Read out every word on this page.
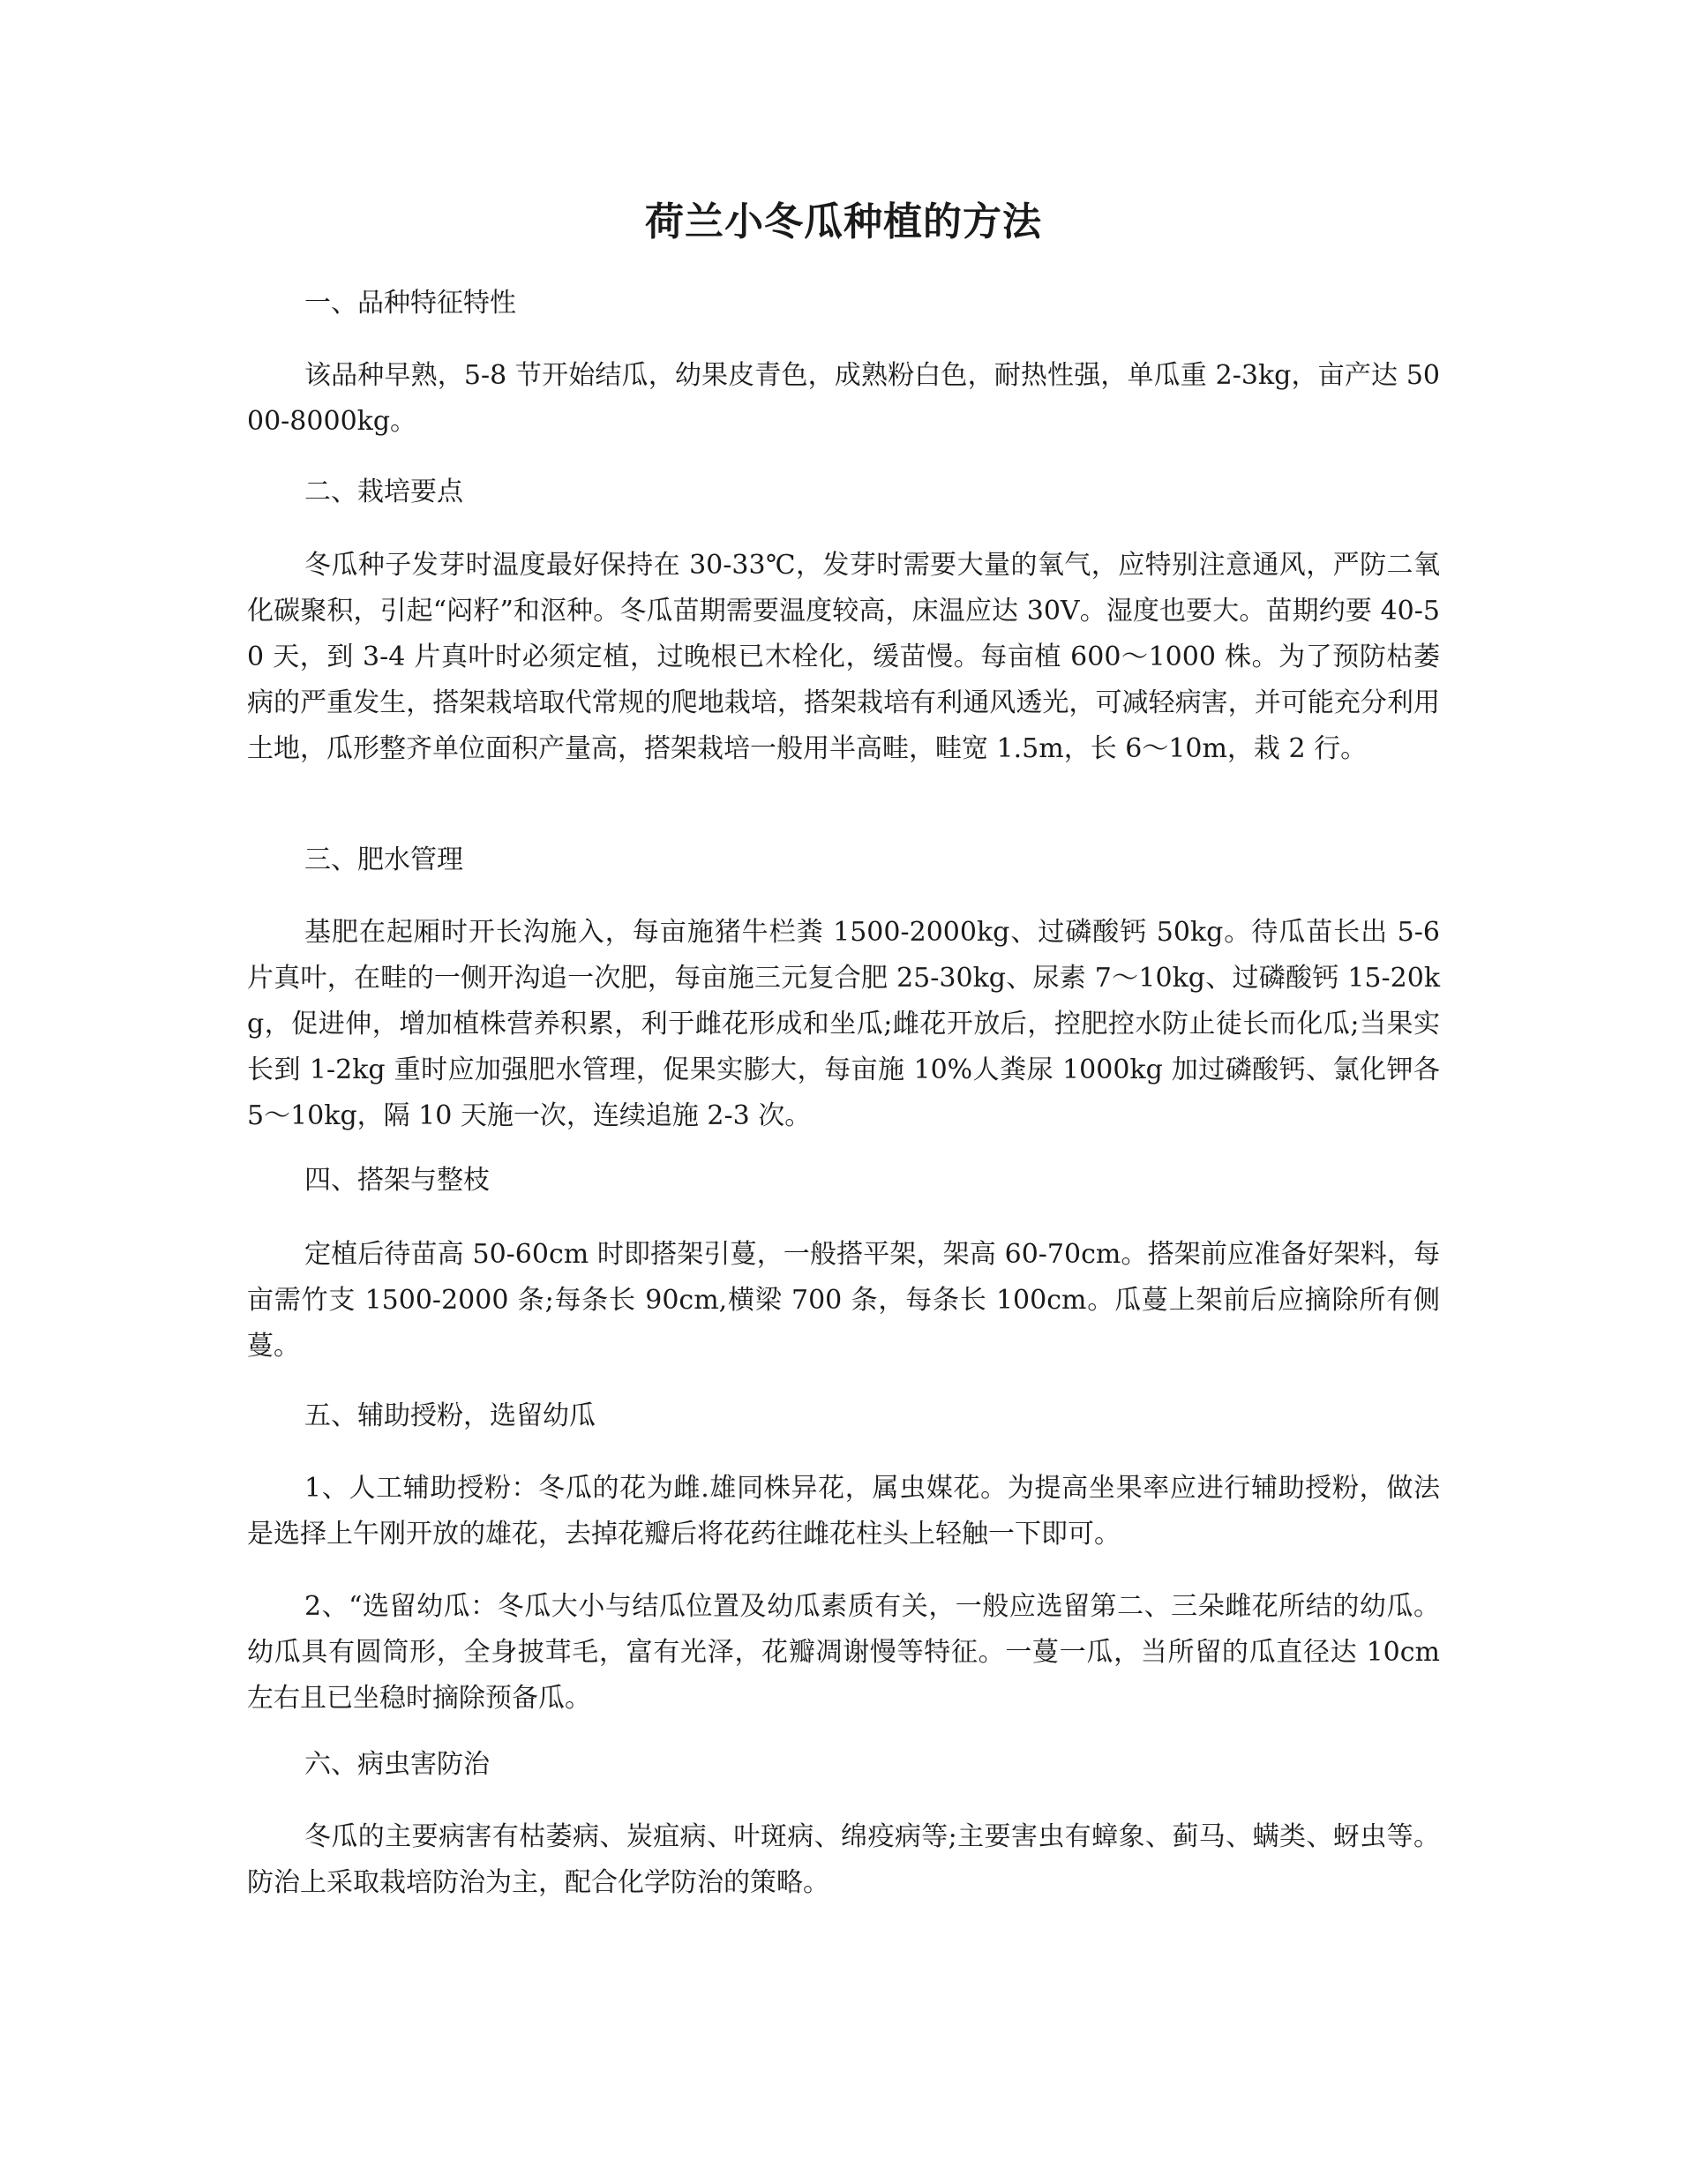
荷兰小冬瓜种植的方法
一、品种特征特性

该品种早熟，5-8 节开始结瓜，幼果皮青色，成熟粉白色，耐热性强，单瓜重 2-3kg，亩产达 5000-8000kg。

二、栽培要点

冬瓜种子发芽时温度最好保持在 30-33℃，发芽时需要大量的氧气，应特别注意通风，严防二氧化碳聚积，引起“闷籽”和沤种。冬瓜苗期需要温度较高，床温应达 30V。湿度也要大。苗期约要 40-50 天，到 3-4 片真叶时必须定植，过晚根已木栓化，缓苗慢。每亩植 600～1000 株。为了预防枯萎病的严重发生，搭架栽培取代常规的爬地栽培，搭架栽培有利通风透光，可减轻病害，并可能充分利用土地，瓜形整齐单位面积产量高，搭架栽培一般用半高畦，畦宽 1.5m，长 6～10m，栽 2 行。

三、肥水管理

基肥在起厢时开长沟施入，每亩施猪牛栏粪 1500-2000kg、过磷酸钙 50kg。待瓜苗长出 5-6 片真叶，在畦的一侧开沟追一次肥，每亩施三元复合肥 25-30kg、尿素 7～10kg、过磷酸钙 15-20kg，促进伸，增加植株营养积累，利于雌花形成和坐瓜;雌花开放后，控肥控水防止徒长而化瓜;当果实长到 1-2kg 重时应加强肥水管理，促果实膨大，每亩施 10%人粪尿 1000kg 加过磷酸钙、氯化钾各 5～10kg，隔 10 天施一次，连续追施 2-3 次。

四、搭架与整枝

定植后待苗高 50-60cm 时即搭架引蔓，一般搭平架，架高 60-70cm。搭架前应准备好架料，每亩需竹支 1500-2000 条;每条长 90cm,横梁 700 条，每条长 100cm。瓜蔓上架前后应摘除所有侧蔓。

五、辅助授粉，选留幼瓜

1、人工辅助授粉：冬瓜的花为雌.雄同株异花，属虫媒花。为提高坐果率应进行辅助授粉，做法是选择上午刚开放的雄花，去掉花瓣后将花药往雌花柱头上轻触一下即可。

2、“选留幼瓜：冬瓜大小与结瓜位置及幼瓜素质有关，一般应选留第二、三朵雌花所结的幼瓜。幼瓜具有圆筒形，全身披茸毛，富有光泽，花瓣凋谢慢等特征。一蔓一瓜，当所留的瓜直径达 10cm 左右且已坐稳时摘除预备瓜。

六、病虫害防治

冬瓜的主要病害有枯萎病、炭疽病、叶斑病、绵疫病等;主要害虫有蟑象、蓟马、螨类、蚜虫等。防治上采取栽培防治为主，配合化学防治的策略。
